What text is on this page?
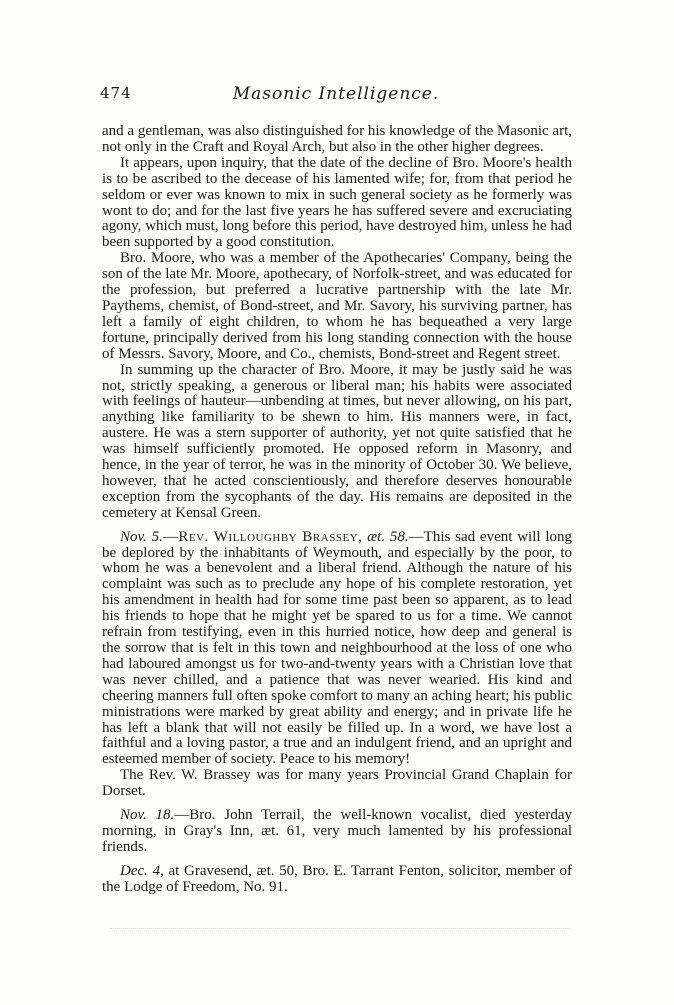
474	Masonic Intelligence.

and a gentleman, was also distinguished for his knowledge of the Masonic art, not only in the Craft and Royal Arch, but also in the other higher degrees.

It appears, upon inquiry, that the date of the decline of Bro. Moore's health is to be ascribed to the decease of his lamented wife; for, from that period he seldom or ever was known to mix in such general society as he formerly was wont to do; and for the last five years he has suffered severe and excruciating agony, which must, long before this period, have destroyed him, unless he had been supported by a good constitution.

Bro. Moore, who was a member of the Apothecaries' Company, being the son of the late Mr. Moore, apothecary, of Norfolk-street, and was educated for the profession, but preferred a lucrative partnership with the late Mr. Paythems, chemist, of Bond-street, and Mr. Savory, his surviving partner, has left a family of eight children, to whom he has bequeathed a very large fortune, principally derived from his long standing connection with the house of Messrs. Savory, Moore, and Co., chemists, Bond-street and Regent street.

In summing up the character of Bro. Moore, it may be justly said he was not, strictly speaking, a generous or liberal man; his habits were associated with feelings of hauteur—unbending at times, but never allowing, on his part, anything like familiarity to be shewn to him. His manners were, in fact, austere. He was a stern supporter of authority, yet not quite satisfied that he was himself sufficiently promoted. He opposed reform in Masonry, and hence, in the year of terror, he was in the minority of October 30. We believe, however, that he acted conscientiously, and therefore deserves honourable exception from the sycophants of the day. His remains are deposited in the cemetery at Kensal Green.

Nov. 5.—Rev. Willoughby Brassey, æt. 58.—This sad event will long be deplored by the inhabitants of Weymouth, and especially by the poor, to whom he was a benevolent and a liberal friend. Although the nature of his complaint was such as to preclude any hope of his complete restoration, yet his amendment in health had for some time past been so apparent, as to lead his friends to hope that he might yet be spared to us for a time. We cannot refrain from testifying, even in this hurried notice, how deep and general is the sorrow that is felt in this town and neighbourhood at the loss of one who had laboured amongst us for two-and-twenty years with a Christian love that was never chilled, and a patience that was never wearied. His kind and cheering manners full often spoke comfort to many an aching heart; his public ministrations were marked by great ability and energy; and in private life he has left a blank that will not easily be filled up. In a word, we have lost a faithful and a loving pastor, a true and an indulgent friend, and an upright and esteemed member of society. Peace to his memory!

The Rev. W. Brassey was for many years Provincial Grand Chaplain for Dorset.

Nov. 18.—Bro. John Terrail, the well-known vocalist, died yesterday morning, in Gray's Inn, æt. 61, very much lamented by his professional friends.

Dec. 4, at Gravesend, æt. 50, Bro. E. Tarrant Fenton, solicitor, member of the Lodge of Freedom, No. 91.
